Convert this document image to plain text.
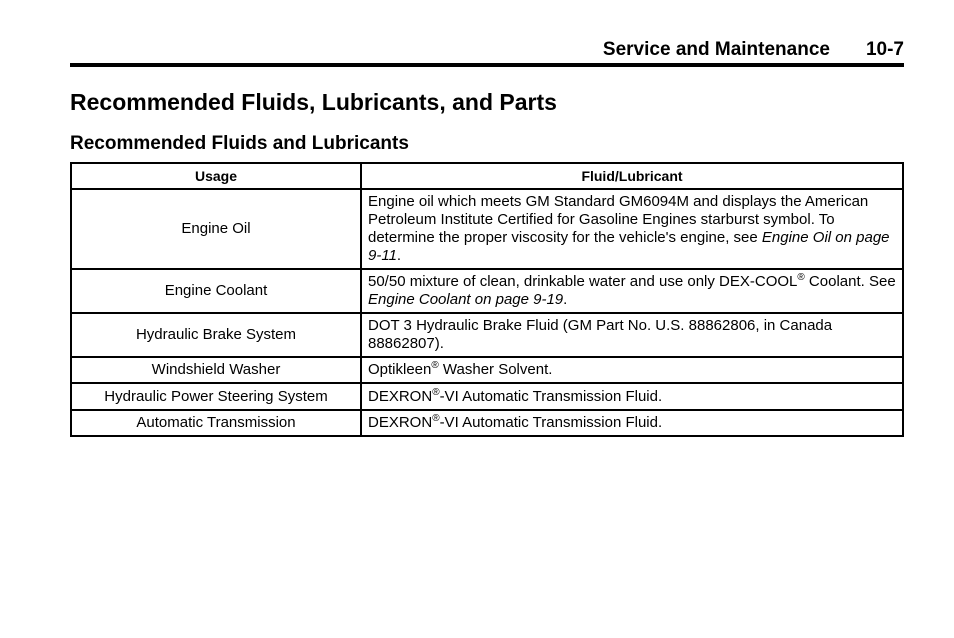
Service and Maintenance 10-7
Recommended Fluids, Lubricants, and Parts
Recommended Fluids and Lubricants
Usage	Fluid/Lubricant
Engine Oil	Engine oil which meets GM Standard GM6094M and displays the American Petroleum Institute Certified for Gasoline Engines starburst symbol. To determine the proper viscosity for the vehicle's engine, see Engine Oil on page 9-11.
Engine Coolant	50/50 mixture of clean, drinkable water and use only DEX-COOL® Coolant. See Engine Coolant on page 9-19.
Hydraulic Brake System	DOT 3 Hydraulic Brake Fluid (GM Part No. U.S. 88862806, in Canada 88862807).
Windshield Washer	Optikleen® Washer Solvent.
Hydraulic Power Steering System	DEXRON®-VI Automatic Transmission Fluid.
Automatic Transmission	DEXRON®-VI Automatic Transmission Fluid.
